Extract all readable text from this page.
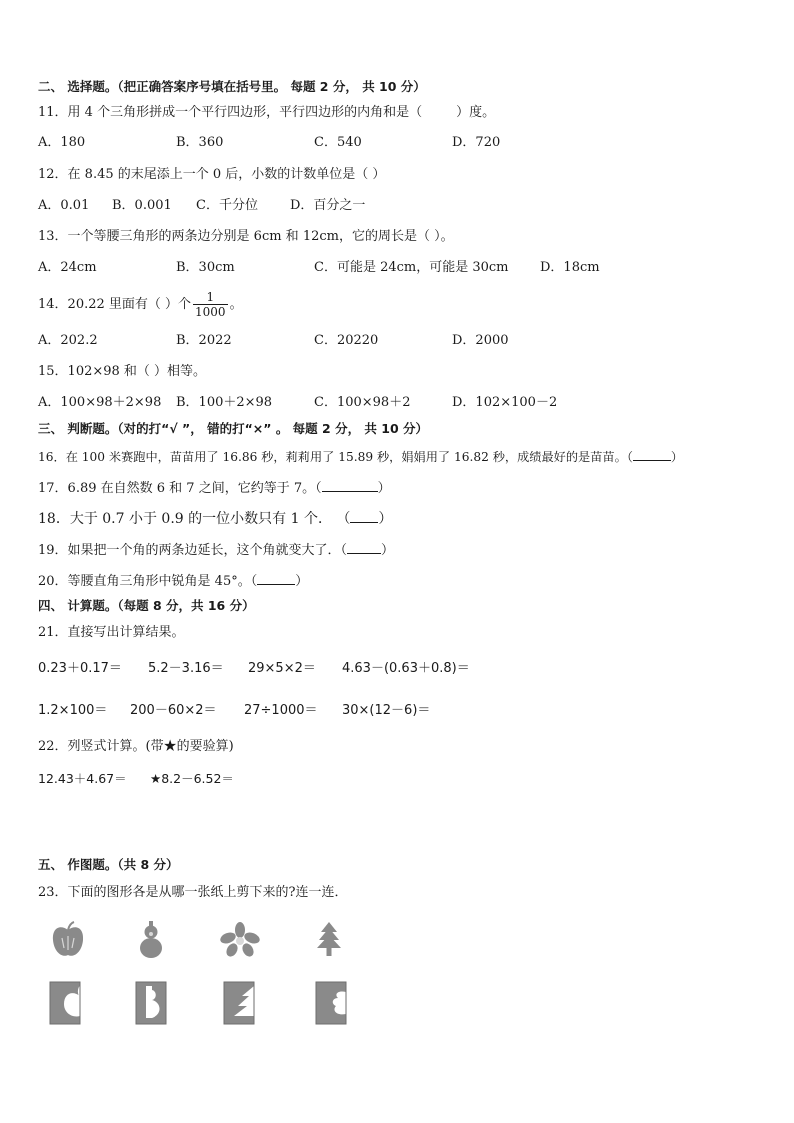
二、 选择题。（把正确答案序号填在括号里。 每题 2 分， 共 10 分）
11．用 4 个三角形拼成一个平行四边形，平行四边形的内角和是（	）度。
A．180	B．360	C．540	D．720
12．在 8.45 的末尾添上一个 0 后，小数的计数单位是（ ）
A．0.01 B．0.001 C．千分位 D．百分之一
13．一个等腰三角形的两条边分别是 6cm 和 12cm，它的周长是（ ）。
A．24cm	B．30cm	C．可能是 24cm，可能是 30cm D．18cm
14．20.22 里面有（ ）个 $\frac{1}{1000}$ 。
A．202.2	B．2022	C．20220	D．2000
15．102×98 和（ ）相等。
A．100×98＋2×98 B．100＋2×98	C．100×98＋2	D．102×100－2
三、 判断题。（对的打“√ ”， 错的打“×” 。 每题 2 分， 共 10 分）
16．在 100 米赛跑中，苗苗用了 16.86 秒，莉莉用了 15.89 秒，娟娟用了 16.82 秒，成绩最好的是苗苗。（	）
17．6.89 在自然数 6 和 7 之间，它约等于 7。（	）
18．大于 0.7 小于 0.9 的一位小数只有 1 个． （ ）
19．如果把一个角的两条边延长，这个角就变大了．（	）
20．等腰直角三角形中锐角是 45°。（	）
四、 计算题。（每题 8 分，共 16 分）
21．直接写出计算结果。
0.23＋0.17＝ 5.2－3.16＝ 29×5×2＝ 4.63－(0.63＋0.8)＝
1.2×100＝ 200－60×2＝ 27÷1000＝ 30×(12－6)＝
22．列竖式计算。(带★的要验算)
12.43＋4.67＝ ★8.2－6.52＝
五、 作图题。（共 8 分）
23．下面的图形各是从哪一张纸上剪下来的?连一连．
